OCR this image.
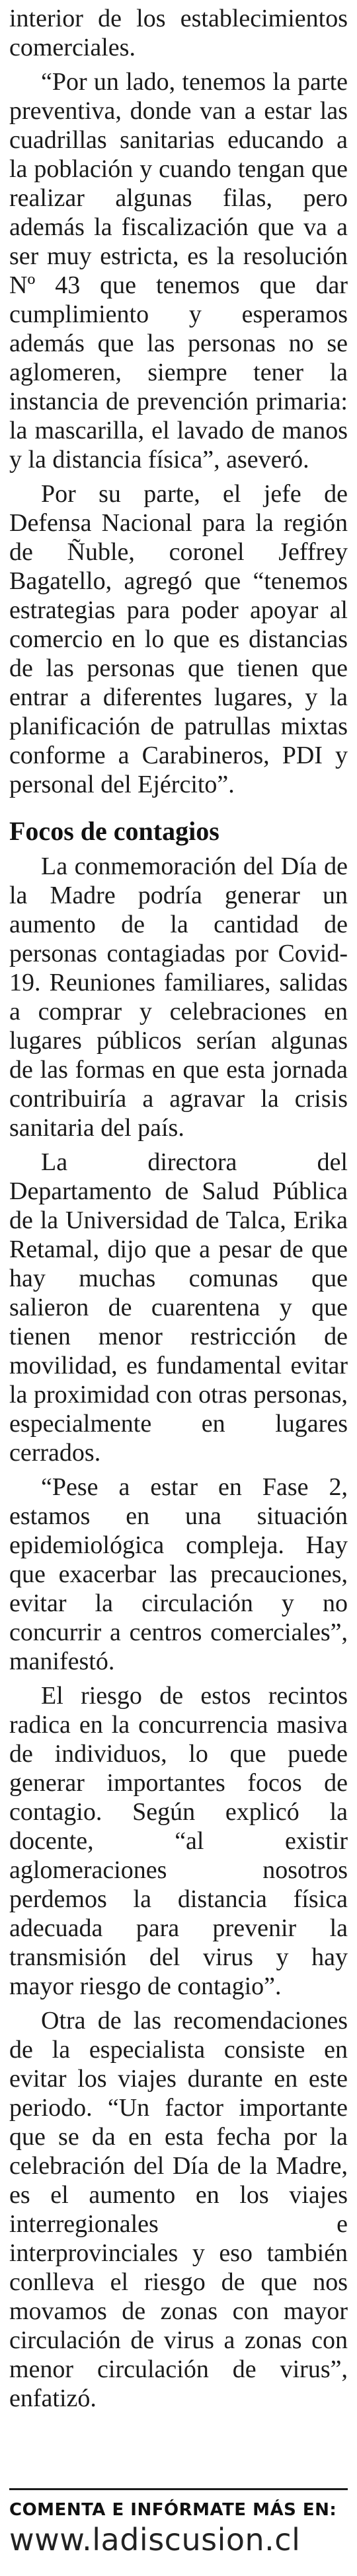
interior de los establecimientos comerciales.

“Por un lado, tenemos la parte preventiva, donde van a estar las cuadrillas sanitarias educando a la población y cuando tengan que realizar algunas filas, pero además la fiscalización que va a ser muy estricta, es la resolución Nº 43 que tenemos que dar cumplimiento y esperamos además que las personas no se aglomeren, siempre tener la instancia de prevención primaria: la mascarilla, el lavado de manos y la distancia física”, aseveró.

Por su parte, el jefe de Defensa Nacional para la región de Ñuble, coronel Jeffrey Bagatello, agregó que “tenemos estrategias para poder apoyar al comercio en lo que es distancias de las personas que tienen que entrar a diferentes lugares, y la planificación de patrullas mixtas conforme a Carabineros, PDI y personal del Ejército”.

Focos de contagios

La conmemoración del Día de la Madre podría generar un aumento de la cantidad de personas contagiadas por Covid-19. Reuniones familiares, salidas a comprar y celebraciones en lugares públicos serían algunas de las formas en que esta jornada contribuiría a agravar la crisis sanitaria del país.

La directora del Departamento de Salud Pública de la Universidad de Talca, Erika Retamal, dijo que a pesar de que hay muchas comunas que salieron de cuarentena y que tienen menor restricción de movilidad, es fundamental evitar la proximidad con otras personas, especialmente en lugares cerrados.

“Pese a estar en Fase 2, estamos en una situación epidemiológica compleja. Hay que exacerbar las precauciones, evitar la circulación y no concurrir a centros comerciales”, manifestó.

El riesgo de estos recintos radica en la concurrencia masiva de individuos, lo que puede generar importantes focos de contagio. Según explicó la docente, “al existir aglomeraciones nosotros perdemos la distancia física adecuada para prevenir la transmisión del virus y hay mayor riesgo de contagio”.

Otra de las recomendaciones de la especialista consiste en evitar los viajes durante en este periodo. “Un factor importante que se da en esta fecha por la celebración del Día de la Madre, es el aumento en los viajes interregionales e interprovinciales y eso también conlleva el riesgo de que nos movamos de zonas con mayor circulación de virus a zonas con menor circulación de virus”, enfatizó.

COMENTA E INFÓRMATE MÁS EN:
www.ladiscusion.cl
